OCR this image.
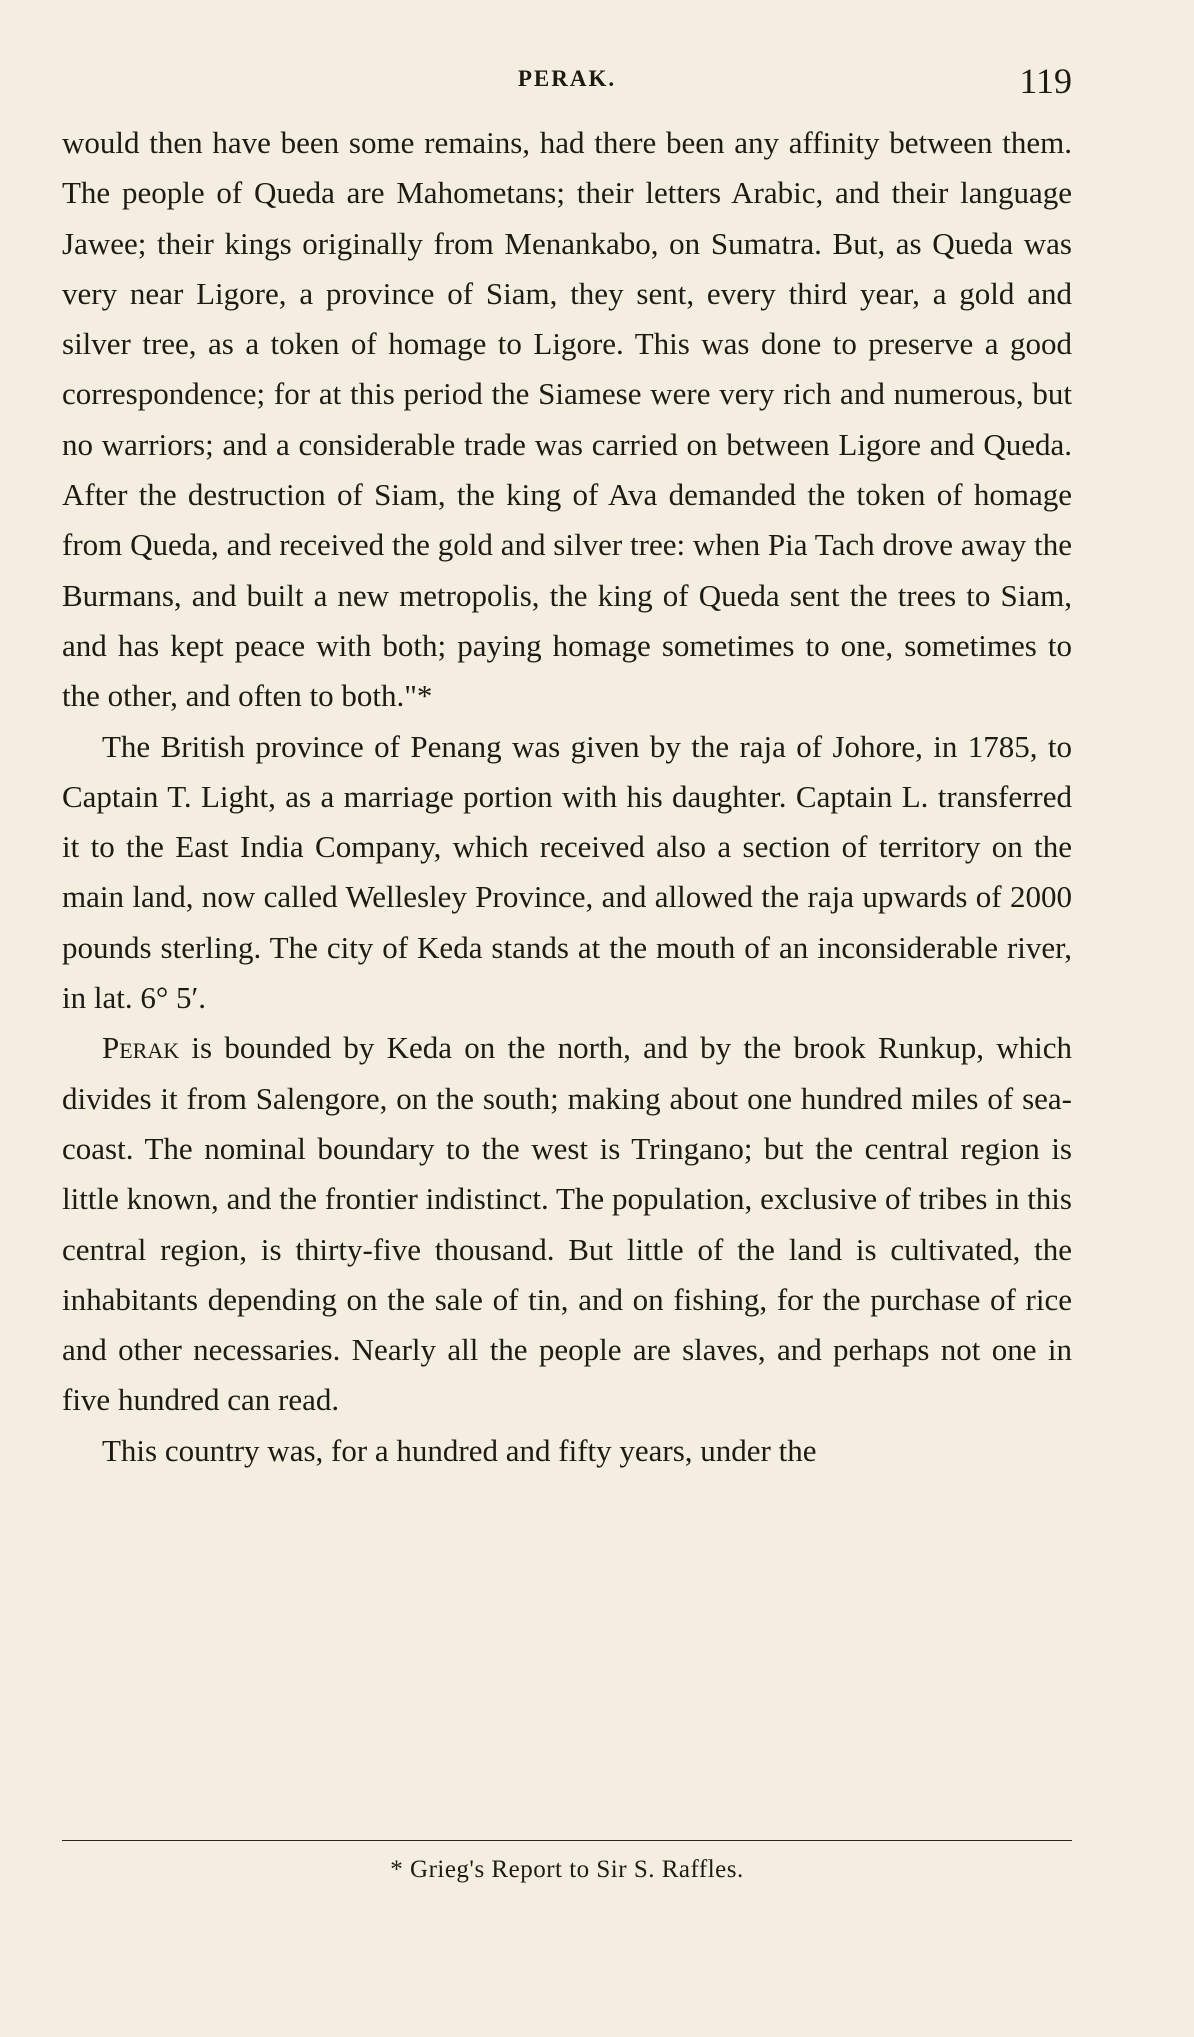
PERAK.	119

would then have been some remains, had there been any affinity between them. The people of Queda are Mahometans; their letters Arabic, and their language Jawee; their kings originally from Menankabo, on Sumatra. But, as Queda was very near Ligore, a province of Siam, they sent, every third year, a gold and silver tree, as a token of homage to Ligore. This was done to preserve a good correspondence; for at this period the Siamese were very rich and numerous, but no warriors; and a considerable trade was carried on between Ligore and Queda. After the destruction of Siam, the king of Ava demanded the token of homage from Queda, and received the gold and silver tree: when Pia Tach drove away the Burmans, and built a new metropolis, the king of Queda sent the trees to Siam, and has kept peace with both; paying homage sometimes to one, sometimes to the other, and often to both."*

The British province of Penang was given by the raja of Johore, in 1785, to Captain T. Light, as a marriage portion with his daughter. Captain L. transferred it to the East India Company, which received also a section of territory on the main land, now called Wellesley Province, and allowed the raja upwards of 2000 pounds sterling. The city of Keda stands at the mouth of an inconsiderable river, in lat. 6° 5′.

Perak is bounded by Keda on the north, and by the brook Runkup, which divides it from Salengore, on the south; making about one hundred miles of sea-coast. The nominal boundary to the west is Tringano; but the central region is little known, and the frontier indistinct. The population, exclusive of tribes in this central region, is thirty-five thousand. But little of the land is cultivated, the inhabitants depending on the sale of tin, and on fishing, for the purchase of rice and other necessaries. Nearly all the people are slaves, and perhaps not one in five hundred can read.

This country was, for a hundred and fifty years, under the

* Grieg's Report to Sir S. Raffles.
